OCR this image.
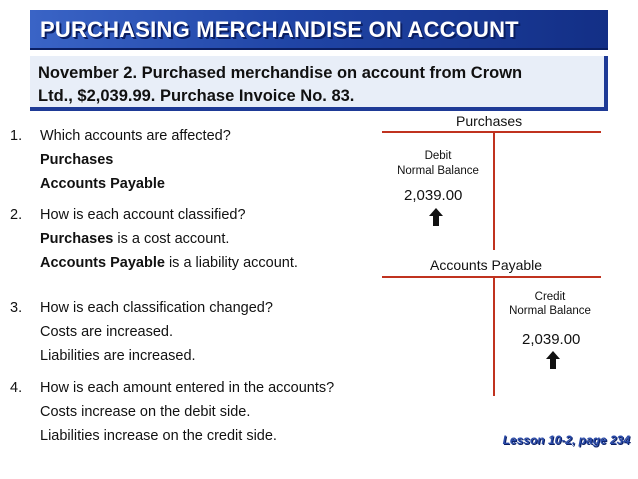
PURCHASING MERCHANDISE ON ACCOUNT
November 2. Purchased merchandise on account from Crown
Ltd., $2,039.99. Purchase Invoice No. 83.
1. Which accounts are affected?
Purchases
Accounts Payable
2. How is each account classified?
Purchases is a cost account.
Accounts Payable is a liability account.
3. How is each classification changed?
Costs are increased.
Liabilities are increased.
4. How is each amount entered in the accounts?
Costs increase on the debit side.
Liabilities increase on the credit side.
Purchases
Debit
Normal Balance
2,039.00
Accounts Payable
Credit
Normal Balance
2,039.00
Lesson 10-2, page 234
